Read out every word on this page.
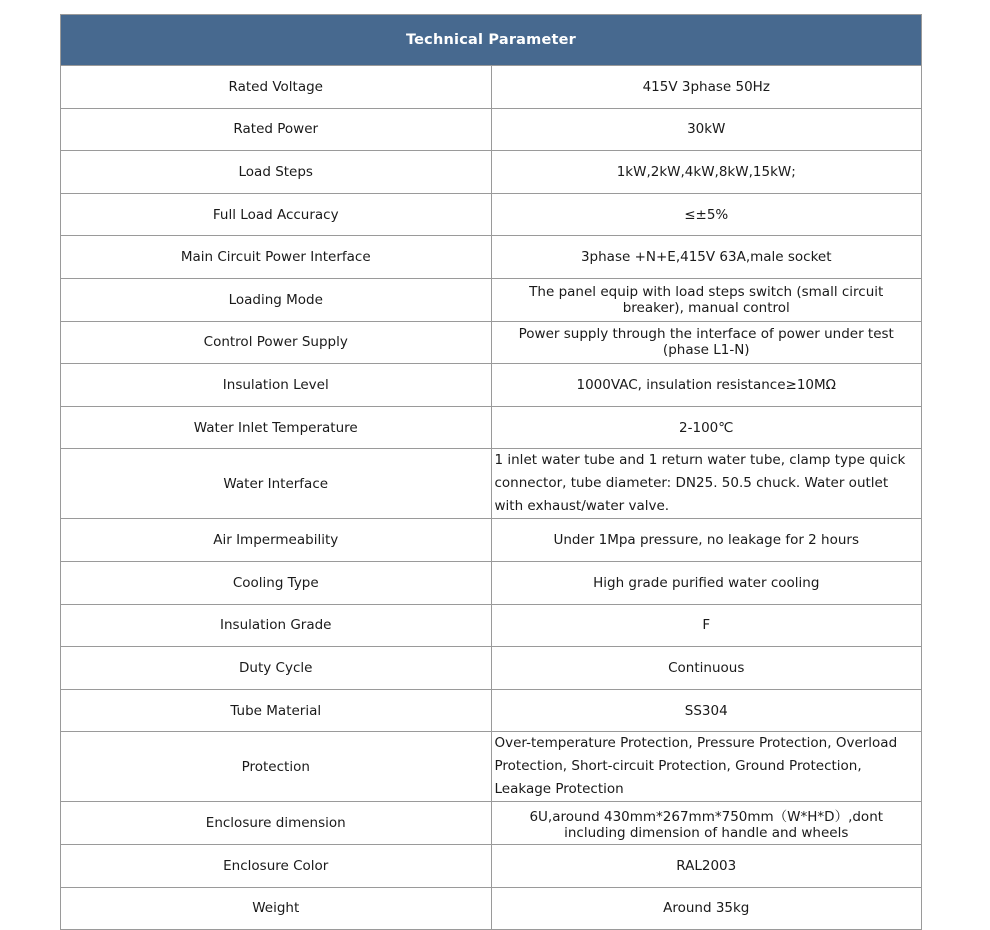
Technical Parameter	
Rated Voltage	415V 3phase 50Hz
Rated Power	30kW
Load Steps	1kW,2kW,4kW,8kW,15kW;
Full Load Accuracy	≤±5%
Main Circuit Power Interface	3phase +N+E,415V 63A,male socket
Loading Mode	The panel equip with load steps switch (small circuit breaker), manual control
Control Power Supply	Power supply through the interface of power under test (phase L1-N)
Insulation Level	1000VAC, insulation resistance≥10MΩ
Water Inlet Temperature	2-100℃
Water Interface	1 inlet water tube and 1 return water tube, clamp type quick connector, tube diameter: DN25. 50.5 chuck. Water outlet with exhaust/water valve.
Air Impermeability	Under 1Mpa pressure, no leakage for 2 hours
Cooling Type	High grade purified water cooling
Insulation Grade	F
Duty Cycle	Continuous
Tube Material	SS304
Protection	Over-temperature Protection, Pressure Protection, Overload Protection, Short-circuit Protection, Ground Protection, Leakage Protection
Enclosure dimension	6U,around 430mm*267mm*750mm（W*H*D）,dont including dimension of handle and wheels
Enclosure Color	RAL2003
Weight	Around 35kg
